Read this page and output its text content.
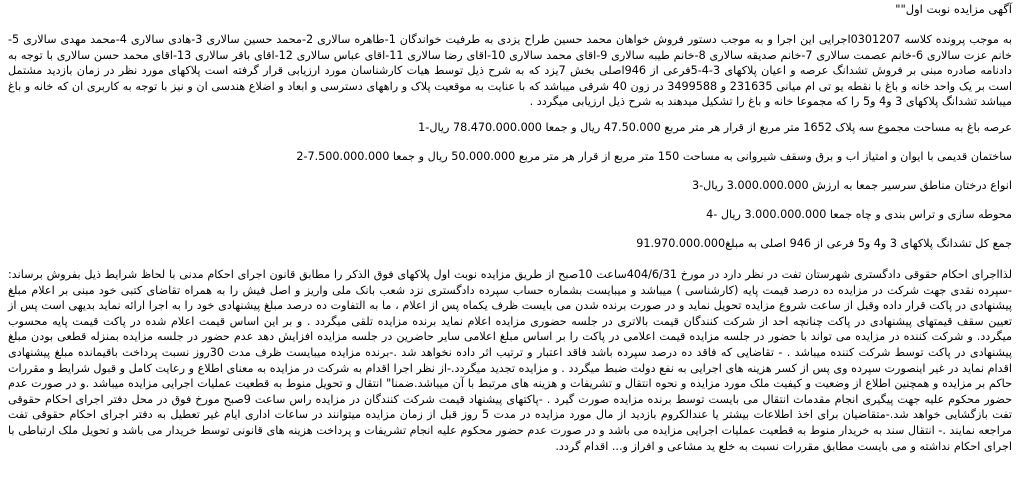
آگهی مزایده نوبت اول""

به موجب پرونده کلاسه 0301207اجرایی این اجرا و به موجب دستور فروش خواهان محمد حسین طراح یزدی به طرفیت خواندگان 1-طاهره سالاری 2-محمد حسین سالاری 3-هادی سالاری 4-محمد مهدی سالاری 5-خانم عزت سالاری 6-خانم عصمت سالاری 7-خانم صدیقه سالاری 8-خانم طیبه سالاری 9-اقای محمد سالاری 10-اقای رضا سالاری 11-اقای عباس سالاری 12-اقای باقر سالاری 13-اقای محمد حسن سالاری با توجه به دادنامه صادره مبنی بر فروش تشدانگ عرصه و اعیان پلاکهای 3-4-5فرعی از 946اصلی بخش 7یزد که به شرح ذیل توسط هیات کارشناسان مورد ارزیابی قرار گرفته است پلاکهای مورد نظر در زمان بازدید مشتمل است بر یک واحد خانه و باغ با نقطه یو تی ام میانی 231635 و 3499588 در زون 40 شرقی میباشد که با عنایت به موقعیت پلاک و راههای دسترسی و ابعاد و اضلاع هندسی ان و نیز با توجه به کاربری ان که خانه و باغ میباشد تشدانگ پلاکهای 3 و4 و5 را که مجموعا خانه و باغ را تشکیل میدهند به شرح ذیل ارزیابی میگردد .

عرصه باغ به مساحت مجموع سه پلاک 1652 متر مربع از قرار هر متر مربع 47.50.000 ریال و جمعا 78.470.000.000 ریال-1

ساختمان قدیمی با ایوان و امتیاز اب و برق وسقف شیروانی به مساحت 150 متر مربع از قرار هر متر مربع 50.000.000 ریال و جمعا 7.500.000.000-2

انواع درختان مناطق سرسیر جمعا به ارزش 3.000.000.000 ریال-3

محوطه سازی و تراس بندی و چاه جمعا 3.000.000.000 ریال -4

جمع کل تشدانگ پلاکهای 3 و4 و5 فرعی از 946 اصلی به مبلغ91.970.000.000

لذااجرای احکام حقوقی دادگستری شهرستان تفت در نظر دارد در مورخ 404/6/31ساعت 10صبح از طریق مزایده نوبت اول پلاکهای فوق الذکر را مطابق قانون اجرای احکام مدنی با لحاظ شرایط ذیل بفروش برساند: -سپرده نقدی جهت شرکت در مزایده ده درصد قیمت پایه (کارشناسی ) میباشد و میبایست بشماره حساب سپرده دادگستری نزد شعب بانک ملی واریز و اصل فیش را به همراه تقاضای کتبی خود مبنی بر اعلام مبلغ پیشنهادی در پاکت قرار داده وقبل از ساعت شروع مزایده تحویل نماید و در صورت برنده شدن می بایست ظرف یکماه پس از اعلام ، ما به التفاوت ده درصد مبلغ پیشنهادی خود را به اجرا ارائه نماید بدیهی است پس از تعیین سقف قیمتهای پیشنهادی در پاکت چنانچه احد از شرکت کنندگان قیمت بالاتری در جلسه حضوری مزایده اعلام نماید برنده مزایده تلقی میگردد . و بر این اساس قیمت اعلام شده در پاکت قیمت پایه محسوب میگردد. و شرکت کننده در مزایده می تواند با حضور در جلسه مزایده قیمت اعلامی در پاکت را بر اساس مبلغ اعلامی سایر حاضرین در جلسه مزایده افزایش دهد عدم حضور در جلسه مزایده بمنزله قطعی بودن مبلغ پیشنهادی در پاکت توسط شرکت کننده میباشد . - تقاضایی که فاقد ده درصد سپرده باشد فاقد اعتبار و ترتیب اثر داده نخواهد شد .-برنده مزایده میبایست ظرف مدت 30روز نسبت پرداخت باقیمانده مبلغ پیشنهادی اقدام نماید در غیر اینصورت سپرده وی پس از کسر هزینه های اجرایی به نفع دولت ضبط میگردد . و مزایده تجدید میگردد.-از نظر اجرا اقدام به شرکت در مزایده به معنای اطلاع و رعایت کامل و قبول شرایط و مقررات حاکم بر مزایده و همچنین اطلاع از وضعیت و کیفیت ملک مورد مزایده و نحوه انتقال و تشریفات و هزینه های مرتبط با آن میباشد.ضمنا" انتقال و تحویل منوط به قطعیت عملیات اجرایی مزایده میباشد .و در صورت عدم حضور محکوم علیه جهت پیگیری انجام مقدمات انتقال می بایست توسط برنده مزایده صورت گیرد . -پاکتهای پیشنهاد قیمت شرکت کنندگان در مزایده راس ساعت 9صبح مورخ فوق در محل دفتر اجرای احکام حقوقی تفت بازگشایی خواهد شد.-متقاضیان برای اخذ اطلاعات بیشتر یا عندالکروم بازدید از مال مورد مزایده در مدت 5 روز قبل از زمان مزایده میتوانند در ساعات اداری ایام غیر تعطیل به دفتر اجرای احکام حقوقی تفت مراجعه نمایند .- انتقال سند به خریدار منوط به قطعیت عملیات اجرایی مزایده می باشد و در صورت عدم حضور محکوم علیه انجام تشریفات و پرداخت هزینه های قانونی توسط خریدار می باشد و تحویل ملک ارتباطی با اجرای احکام نداشته و می بایست مطابق مقررات نسبت به خلع ید مشاعی و افراز و... اقدام گردد.
